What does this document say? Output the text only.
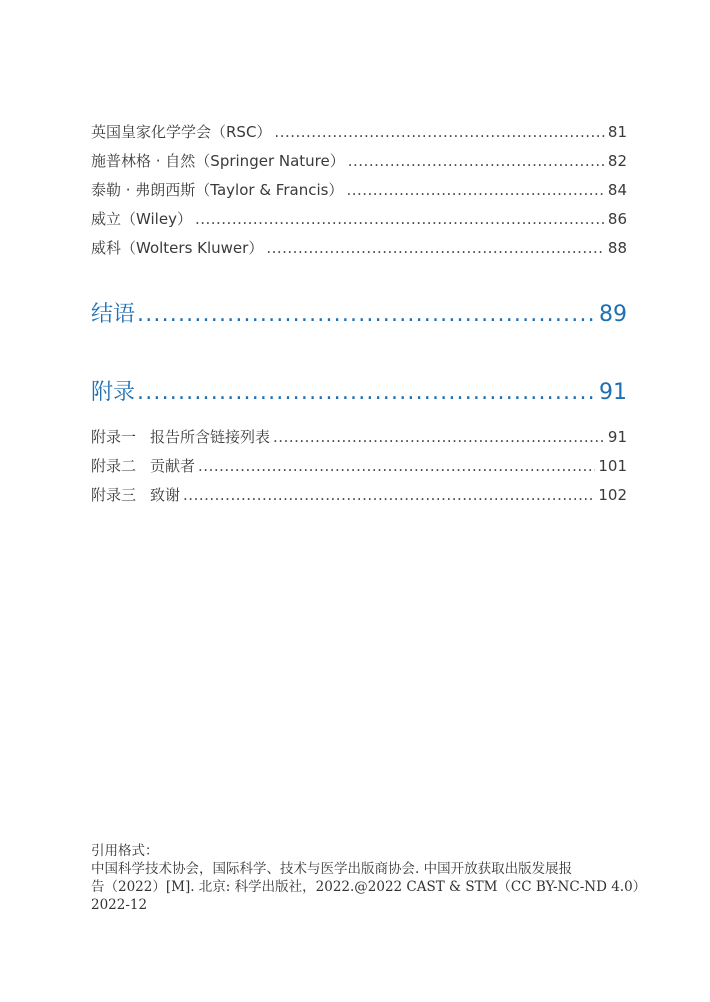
英国皇家化学学会（RSC） .....	81
施普林格 · 自然（Springer Nature） .....	82
泰勒 · 弗朗西斯（Taylor & Francis） .....	84
威立（Wiley） .....	86
威科（Wolters Kluwer） .....	88
结语 .....	89
附录 .....	91
附录一 报告所含链接列表 .....	91
附录二 贡献者 .....	101
附录三 致谢 .....	102
引用格式：
中国科学技术协会，国际科学、技术与医学出版商协会. 中国开放获取出版发展报
告（2022）[M]. 北京: 科学出版社，2022.@2022 CAST & STM（CC BY-NC-ND 4.0）
2022-12
